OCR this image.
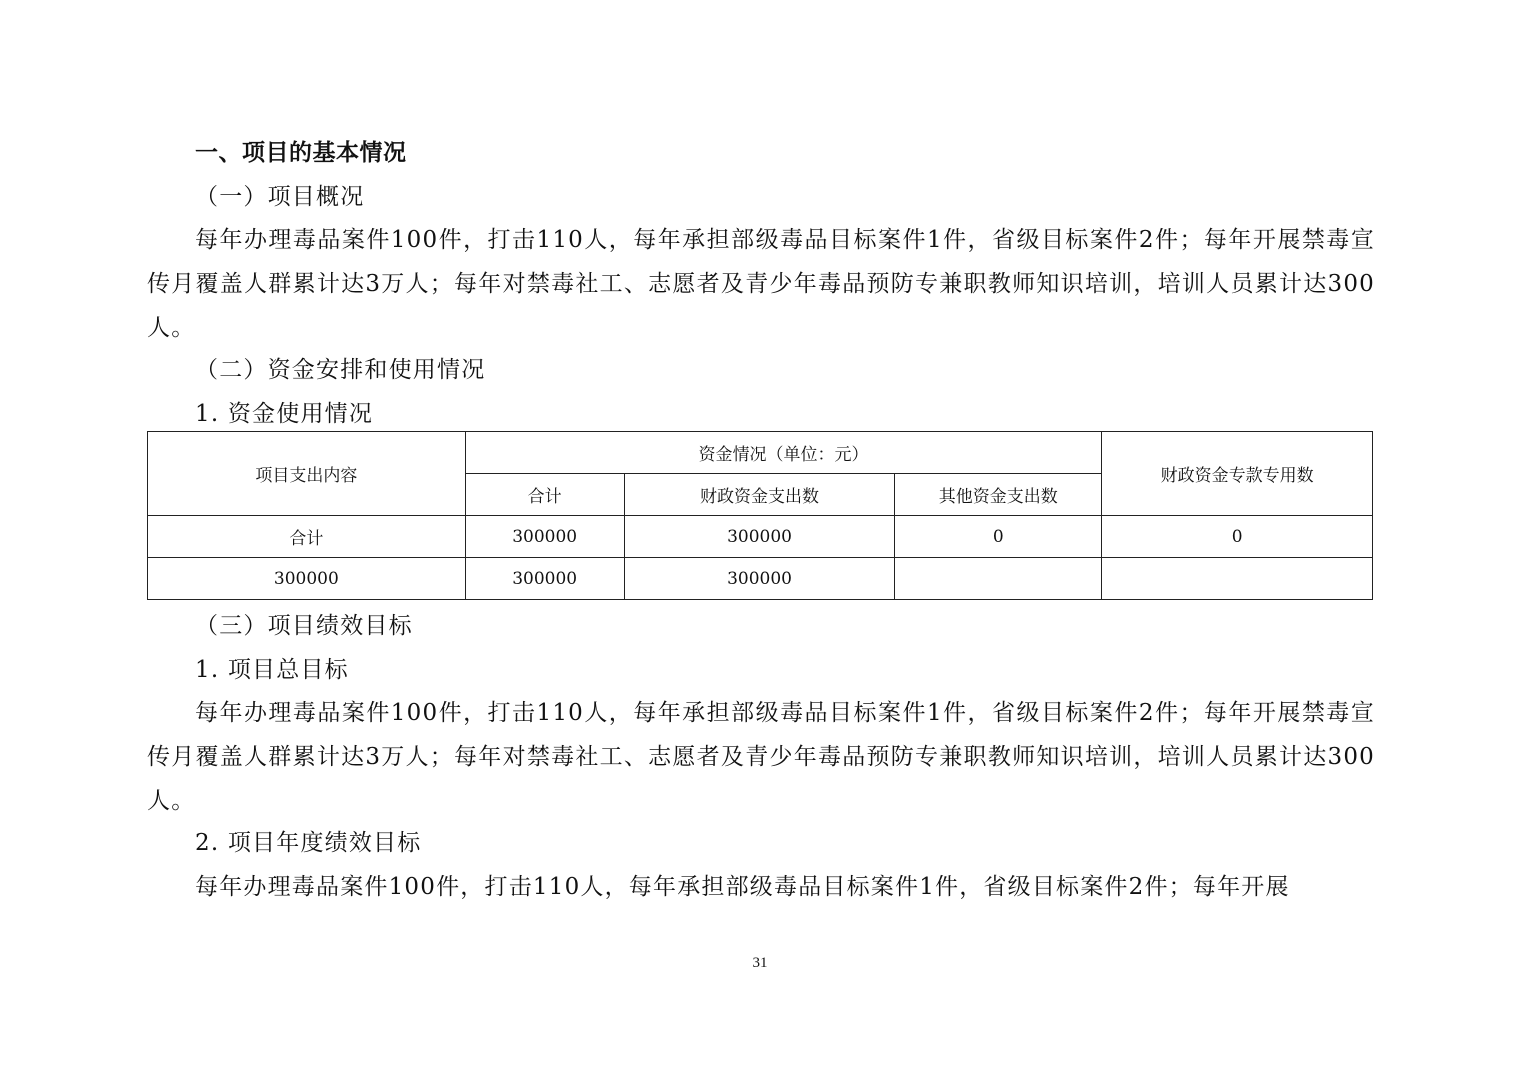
一、项目的基本情况
（一）项目概况
每年办理毒品案件100件，打击110人，每年承担部级毒品目标案件1件，省级目标案件2件；每年开展禁毒宣传月覆盖人群累计达3万人；每年对禁毒社工、志愿者及青少年毒品预防专兼职教师知识培训，培训人员累计达300人。
（二）资金安排和使用情况
1. 资金使用情况
项目支出内容	资金情况（单位：元）			财政资金专款专用数
	合计	财政资金支出数	其他资金支出数	
合计	300000	300000	0	0
300000	300000	300000		
（三）项目绩效目标
1. 项目总目标
每年办理毒品案件100件，打击110人，每年承担部级毒品目标案件1件，省级目标案件2件；每年开展禁毒宣传月覆盖人群累计达3万人；每年对禁毒社工、志愿者及青少年毒品预防专兼职教师知识培训，培训人员累计达300人。
2. 项目年度绩效目标
每年办理毒品案件100件，打击110人，每年承担部级毒品目标案件1件，省级目标案件2件；每年开展
31
